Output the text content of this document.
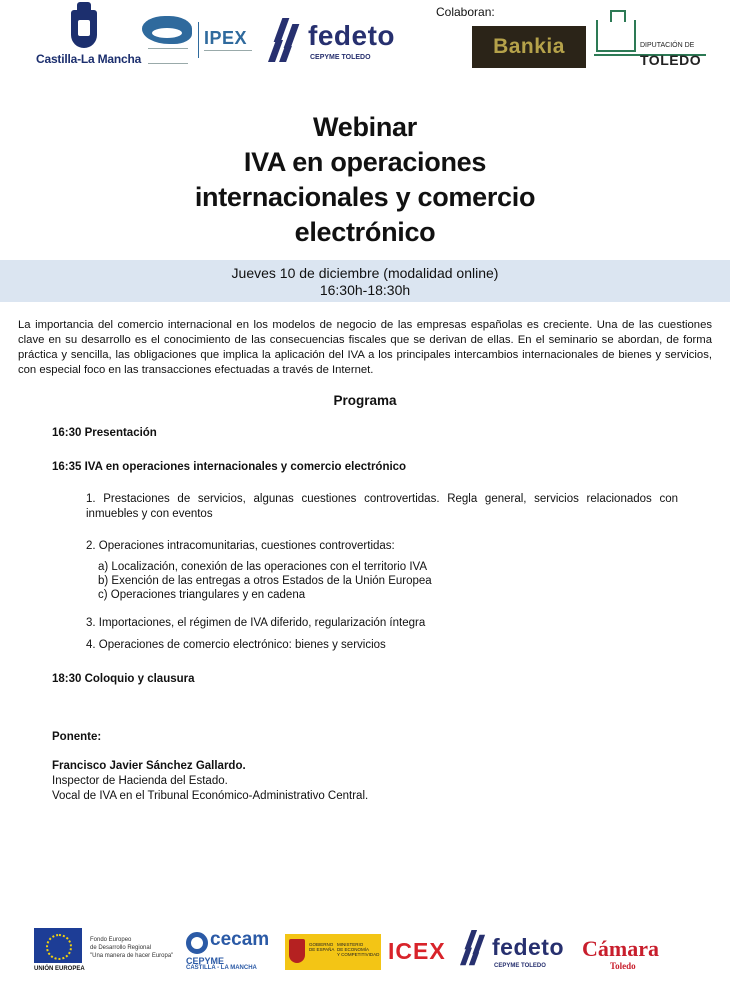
Castilla-La Mancha
IPEX fedeto
CEPYME TOLEDO
Colaboran:
Bankia	DIPUTACIÓN DE
TOLEDO
Webinar
IVA en operaciones
internacionales y comercio
electrónico
Jueves 10 de diciembre (modalidad online)
16:30h-18:30h
La importancia del comercio internacional en los modelos de negocio de las empresas españolas es creciente. Una de las cuestiones clave en su desarrollo es el conocimiento de las consecuencias fiscales que se derivan de ellas. En el seminario se abordan, de forma práctica y sencilla, las obligaciones que implica la aplicación del IVA a los principales intercambios internacionales de bienes y servicios, con especial foco en las transacciones efectuadas a través de Internet.
Programa
16:30 Presentación
16:35 IVA en operaciones internacionales y comercio electrónico
1. Prestaciones de servicios, algunas cuestiones controvertidas. Regla general, servicios relacionados con inmuebles y con eventos
2. Operaciones intracomunitarias, cuestiones controvertidas:
a) Localización, conexión de las operaciones con el territorio IVA
b) Exención de las entregas a otros Estados de la Unión Europea
c) Operaciones triangulares y en cadena
3. Importaciones, el régimen de IVA diferido, regularización íntegra
4. Operaciones de comercio electrónico: bienes y servicios
18:30 Coloquio y clausura
Ponente:
Francisco Javier Sánchez Gallardo.
Inspector de Hacienda del Estado.
Vocal de IVA en el Tribunal Económico-Administrativo Central.
UNIÓN EUROPEA
Fondo Europeo
de Desarrollo Regional
"Una manera de hacer Europa"
cecam
CEPYME
CASTILLA - LA MANCHA
GOBIERNO
DE ESPAÑA
MINISTERIO
DE ECONOMÍA
Y COMPETITIVIDAD ICEX fedeto
CEPYME TOLEDO
Cámara
Toledo
